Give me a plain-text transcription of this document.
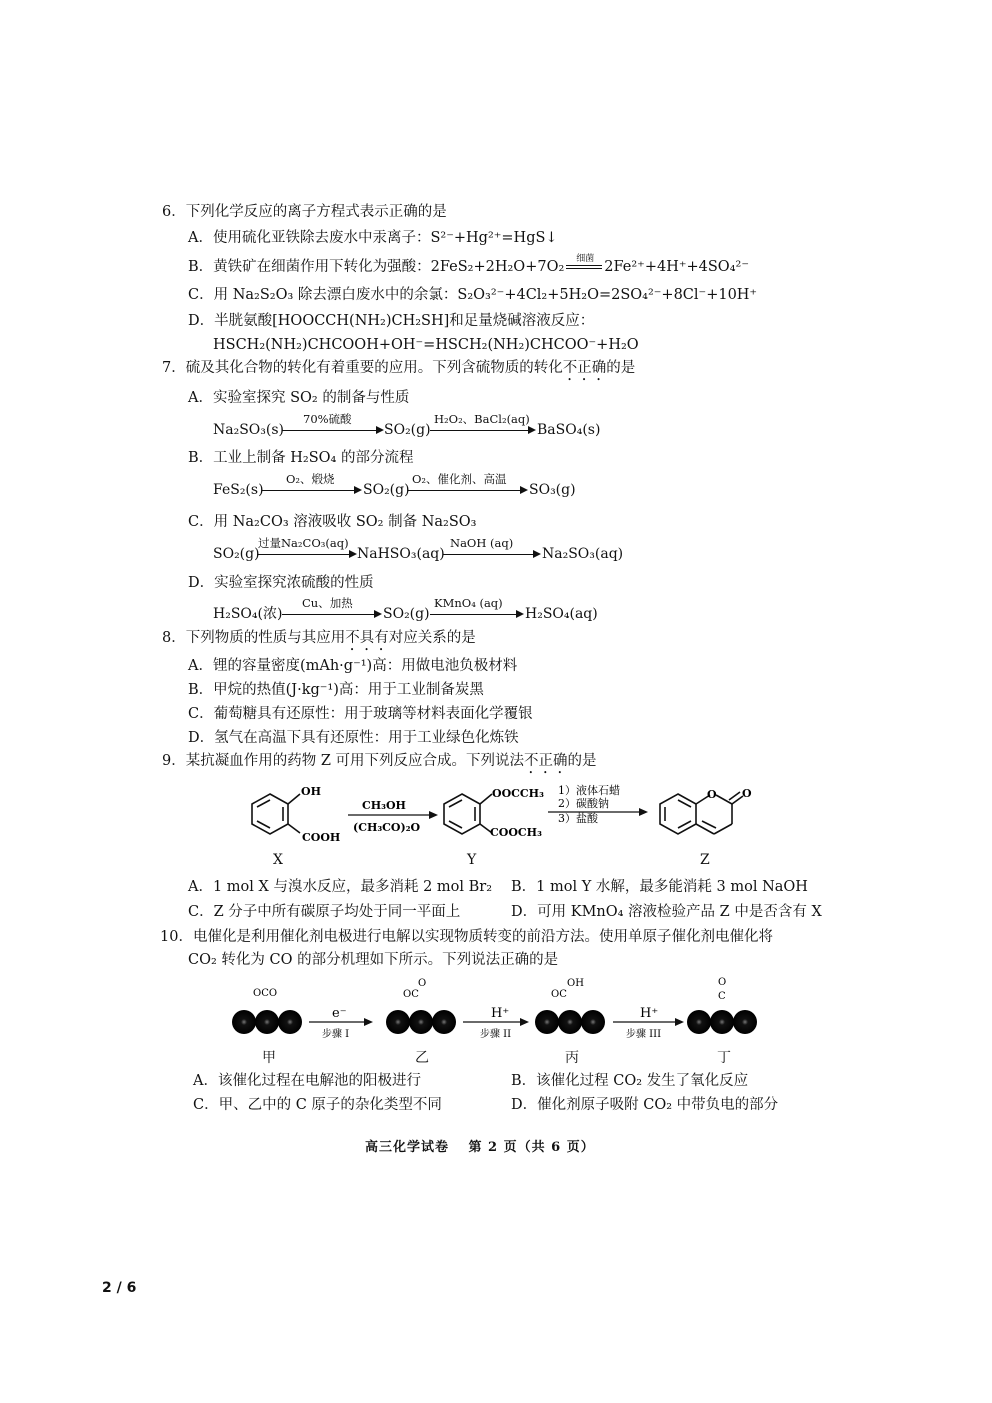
6．下列化学反应的离子方程式表示正确的是
A．使用硫化亚铁除去废水中汞离子：S²⁻+Hg²⁺=HgS↓
B．黄铁矿在细菌作用下转化为强酸：2FeS₂+2H₂O+7O₂ 细菌 2Fe²⁺+4H⁺+4SO₄²⁻
C．用 Na₂S₂O₃ 除去漂白废水中的余氯：S₂O₃²⁻+4Cl₂+5H₂O=2SO₄²⁻+8Cl⁻+10H⁺
D．半胱氨酸[HOOCCH(NH₂)CH₂SH]和足量烧碱溶液反应：
HSCH₂(NH₂)CHCOOH+OH⁻=HSCH₂(NH₂)CHCOO⁻+H₂O
7．硫及其化合物的转化有着重要的应用。下列含硫物质的转化不正确的是
A．实验室探究 SO₂ 的制备与性质
Na₂SO₃(s)
70%硫酸
SO₂(g)
H₂O₂、BaCl₂(aq)
BaSO₄(s)
B．工业上制备 H₂SO₄ 的部分流程
FeS₂(s)
O₂、煅烧
SO₂(g)
O₂、催化剂、高温
SO₃(g)
C．用 Na₂CO₃ 溶液吸收 SO₂ 制备 Na₂SO₃
SO₂(g)
过量Na₂CO₃(aq)
NaHSO₃(aq)
NaOH (aq)
Na₂SO₃(aq)
D．实验室探究浓硫酸的性质
H₂SO₄(浓)
Cu、加热
SO₂(g)
KMnO₄ (aq)
H₂SO₄(aq)
8．下列物质的性质与其应用不具有对应关系的是
A．锂的容量密度(mAh·g⁻¹)高：用做电池负极材料
B．甲烷的热值(J·kg⁻¹)高：用于工业制备炭黑
C．葡萄糖具有还原性：用于玻璃等材料表面化学覆银
D．氢气在高温下具有还原性：用于工业绿色化炼铁
9．某抗凝血作用的药物 Z 可用下列反应合成。下列说法不正确的是
OH
COOH
CH₃OH
(CH₃CO)₂O
OOCCH₃
COOCH₃
1）液体石蜡
2）碳酸钠
3）盐酸
O O
X	Y	Z
A．1 mol X 与溴水反应，最多消耗 2 mol Br₂ B．1 mol Y 水解，最多能消耗 3 mol NaOH
C．Z 分子中所有碳原子均处于同一平面上	D．可用 KMnO₄ 溶液检验产品 Z 中是否含有 X
10．电催化是利用催化剂电极进行电解以实现物质转变的前沿方法。使用单原子催化剂电催化将
CO₂ 转化为 CO 的部分机理如下所示。下列说法正确的是
OCO
e⁻
步骤 I
OC
O
H⁺
步骤 II
OC
OH
H⁺
步骤 III
O
C
甲	乙	丙	丁
A．该催化过程在电解池的阳极进行	B．该催化过程 CO₂ 发生了氧化反应
C．甲、乙中的 C 原子的杂化类型不同	D．催化剂原子吸附 CO₂ 中带负电的部分
高三化学试卷　 第 2 页（共 6 页）
2 / 6
